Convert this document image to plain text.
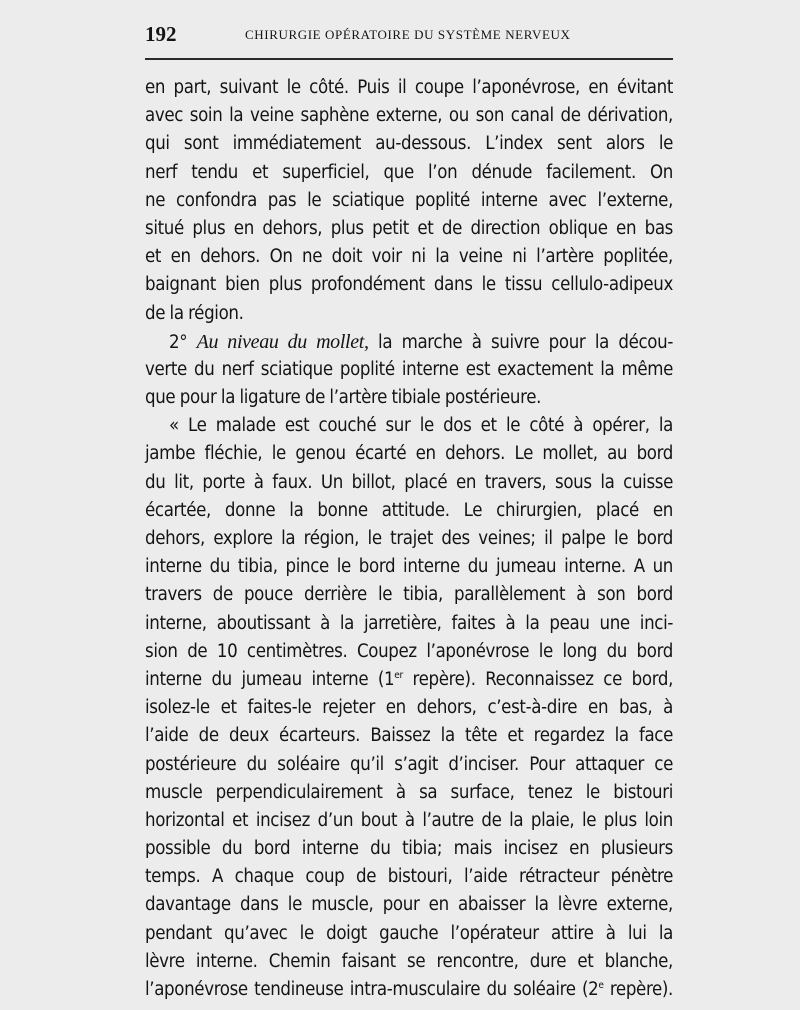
192	CHIRURGIE OPÉRATOIRE DU SYSTÈME NERVEUX
en part, suivant le côté. Puis il coupe l’aponévrose, en évitant
avec soin la veine saphène externe, ou son canal de dérivation,
qui sont immédiatement au-dessous. L’index sent alors le
nerf tendu et superficiel, que l’on dénude facilement. On
ne confondra pas le sciatique poplité interne avec l’externe,
situé plus en dehors, plus petit et de direction oblique en bas
et en dehors. On ne doit voir ni la veine ni l’artère poplitée,
baignant bien plus profondément dans le tissu cellulo-adipeux
de la région.
2° Au niveau du mollet, la marche à suivre pour la décou-
verte du nerf sciatique poplité interne est exactement la même
que pour la ligature de l’artère tibiale postérieure.
« Le malade est couché sur le dos et le côté à opérer, la
jambe fléchie, le genou écarté en dehors. Le mollet, au bord
du lit, porte à faux. Un billot, placé en travers, sous la cuisse
écartée, donne la bonne attitude. Le chirurgien, placé en
dehors, explore la région, le trajet des veines; il palpe le bord
interne du tibia, pince le bord interne du jumeau interne. A un
travers de pouce derrière le tibia, parallèlement à son bord
interne, aboutissant à la jarretière, faites à la peau une inci-
sion de 10 centimètres. Coupez l’aponévrose le long du bord
interne du jumeau interne (1er repère). Reconnaissez ce bord,
isolez-le et faites-le rejeter en dehors, c’est-à-dire en bas, à
l’aide de deux écarteurs. Baissez la tête et regardez la face
postérieure du soléaire qu’il s’agit d’inciser. Pour attaquer ce
muscle perpendiculairement à sa surface, tenez le bistouri
horizontal et incisez d’un bout à l’autre de la plaie, le plus loin
possible du bord interne du tibia; mais incisez en plusieurs
temps. A chaque coup de bistouri, l’aide rétracteur pénètre
davantage dans le muscle, pour en abaisser la lèvre externe,
pendant qu’avec le doigt gauche l’opérateur attire à lui la
lèvre interne. Chemin faisant se rencontre, dure et blanche,
l’aponévrose tendineuse intra-musculaire du soléaire (2e repère).
